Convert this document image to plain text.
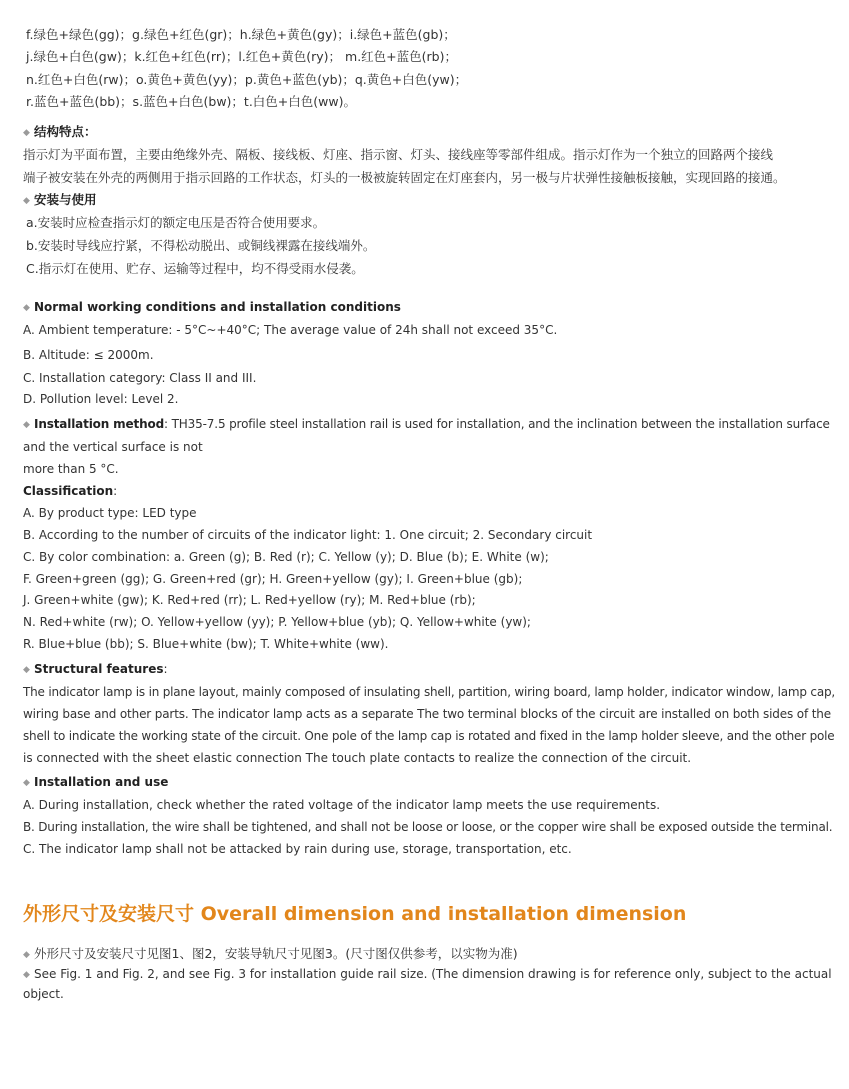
f.绿色+绿色(gg)；g.绿色+红色(gr)；h.绿色+黄色(gy)；i.绿色+蓝色(gb)；
j.绿色+白色(gw)；k.红色+红色(rr)；l.红色+黄色(ry)； m.红色+蓝色(rb)；
n.红色+白色(rw)；o.黄色+黄色(yy)；p.黄色+蓝色(yb)；q.黄色+白色(yw)；
r.蓝色+蓝色(bb)；s.蓝色+白色(bw)；t.白色+白色(ww)。
◆ 结构特点：
指示灯为平面布置，主要由绝缘外壳、隔板、接线板、灯座、指示窗、灯头、接线座等零部件组成。指示灯作为一个独立的回路两个接线
端子被安装在外壳的两侧用于指示回路的工作状态，灯头的一极被旋转固定在灯座套内，另一极与片状弹性接触板接触，实现回路的接通。
◆ 安装与使用
a.安装时应检查指示灯的额定电压是否符合使用要求。
b.安装时导线应拧紧，不得松动脱出、或铜线裸露在接线端外。
C.指示灯在使用、贮存、运输等过程中，均不得受雨水侵袭。
◆ Normal working conditions and installation conditions
A. Ambient temperature: - 5°C~+40°C; The average value of 24h shall not exceed 35°C.
B. Altitude: ≤ 2000m.
C. Installation category: Class II and III.
D. Pollution level: Level 2.
◆ Installation method: TH35-7.5 profile steel installation rail is used for installation, and the inclination between the installation surface
and the vertical surface is not
more than 5 °C.
Classification:
A. By product type: LED type
B. According to the number of circuits of the indicator light: 1. One circuit; 2. Secondary circuit
C. By color combination: a. Green (g); B. Red (r); C. Yellow (y); D. Blue (b); E. White (w);
F. Green+green (gg); G. Green+red (gr); H. Green+yellow (gy); I. Green+blue (gb);
J. Green+white (gw); K. Red+red (rr); L. Red+yellow (ry); M. Red+blue (rb);
N. Red+white (rw); O. Yellow+yellow (yy); P. Yellow+blue (yb); Q. Yellow+white (yw);
R. Blue+blue (bb); S. Blue+white (bw); T. White+white (ww).
◆ Structural features:
The indicator lamp is in plane layout, mainly composed of insulating shell, partition, wiring board, lamp holder, indicator window, lamp cap,
wiring base and other parts. The indicator lamp acts as a separate The two terminal blocks of the circuit are installed on both sides of the
shell to indicate the working state of the circuit. One pole of the lamp cap is rotated and fixed in the lamp holder sleeve, and the other pole
is connected with the sheet elastic connection The touch plate contacts to realize the connection of the circuit.
◆ Installation and use
A. During installation, check whether the rated voltage of the indicator lamp meets the use requirements.
B. During installation, the wire shall be tightened, and shall not be loose or loose, or the copper wire shall be exposed outside the terminal.
C. The indicator lamp shall not be attacked by rain during use, storage, transportation, etc.
外形尺寸及安装尺寸 Overall dimension and installation dimension
◆ 外形尺寸及安装尺寸见图1、图2，安装导轨尺寸见图3。(尺寸图仅供参考，以实物为准)
◆ See Fig. 1 and Fig. 2, and see Fig. 3 for installation guide rail size. (The dimension drawing is for reference only, subject to the actual
object.
